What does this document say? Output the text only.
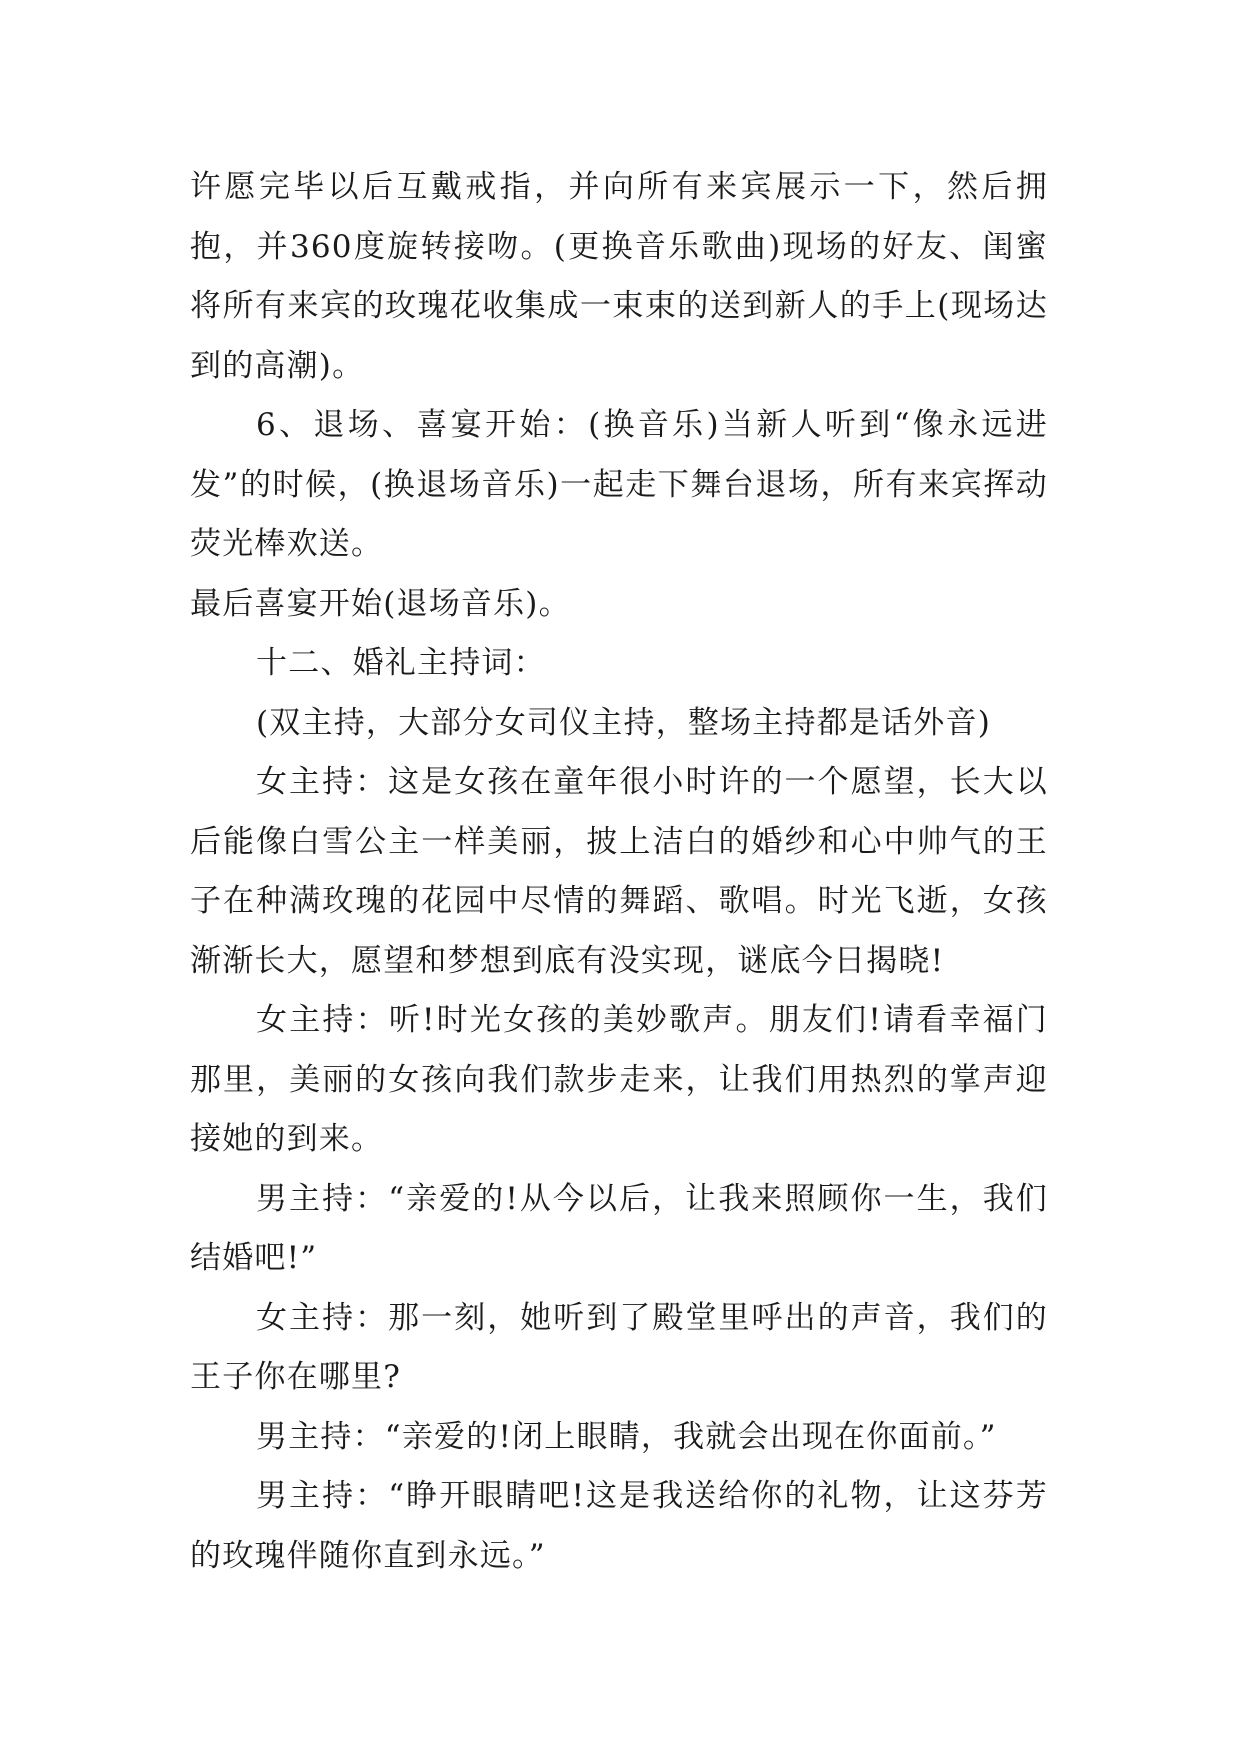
许愿完毕以后互戴戒指，并向所有来宾展示一下，然后拥抱，并360度旋转接吻。(更换音乐歌曲)现场的好友、闺蜜将所有来宾的玫瑰花收集成一束束的送到新人的手上(现场达到的高潮)。

6、退场、喜宴开始：(换音乐)当新人听到“像永远进发”的时候，(换退场音乐)一起走下舞台退场，所有来宾挥动荧光棒欢送。

最后喜宴开始(退场音乐)。

十二、婚礼主持词：

(双主持，大部分女司仪主持，整场主持都是话外音)

女主持：这是女孩在童年很小时许的一个愿望，长大以后能像白雪公主一样美丽，披上洁白的婚纱和心中帅气的王子在种满玫瑰的花园中尽情的舞蹈、歌唱。时光飞逝，女孩渐渐长大，愿望和梦想到底有没实现，谜底今日揭晓!

女主持：听!时光女孩的美妙歌声。朋友们!请看幸福门那里，美丽的女孩向我们款步走来，让我们用热烈的掌声迎接她的到来。

男主持：“亲爱的!从今以后，让我来照顾你一生，我们结婚吧!”

女主持：那一刻，她听到了殿堂里呼出的声音，我们的王子你在哪里?

男主持：“亲爱的!闭上眼睛，我就会出现在你面前。”

男主持：“睁开眼睛吧!这是我送给你的礼物，让这芬芳的玫瑰伴随你直到永远。”
